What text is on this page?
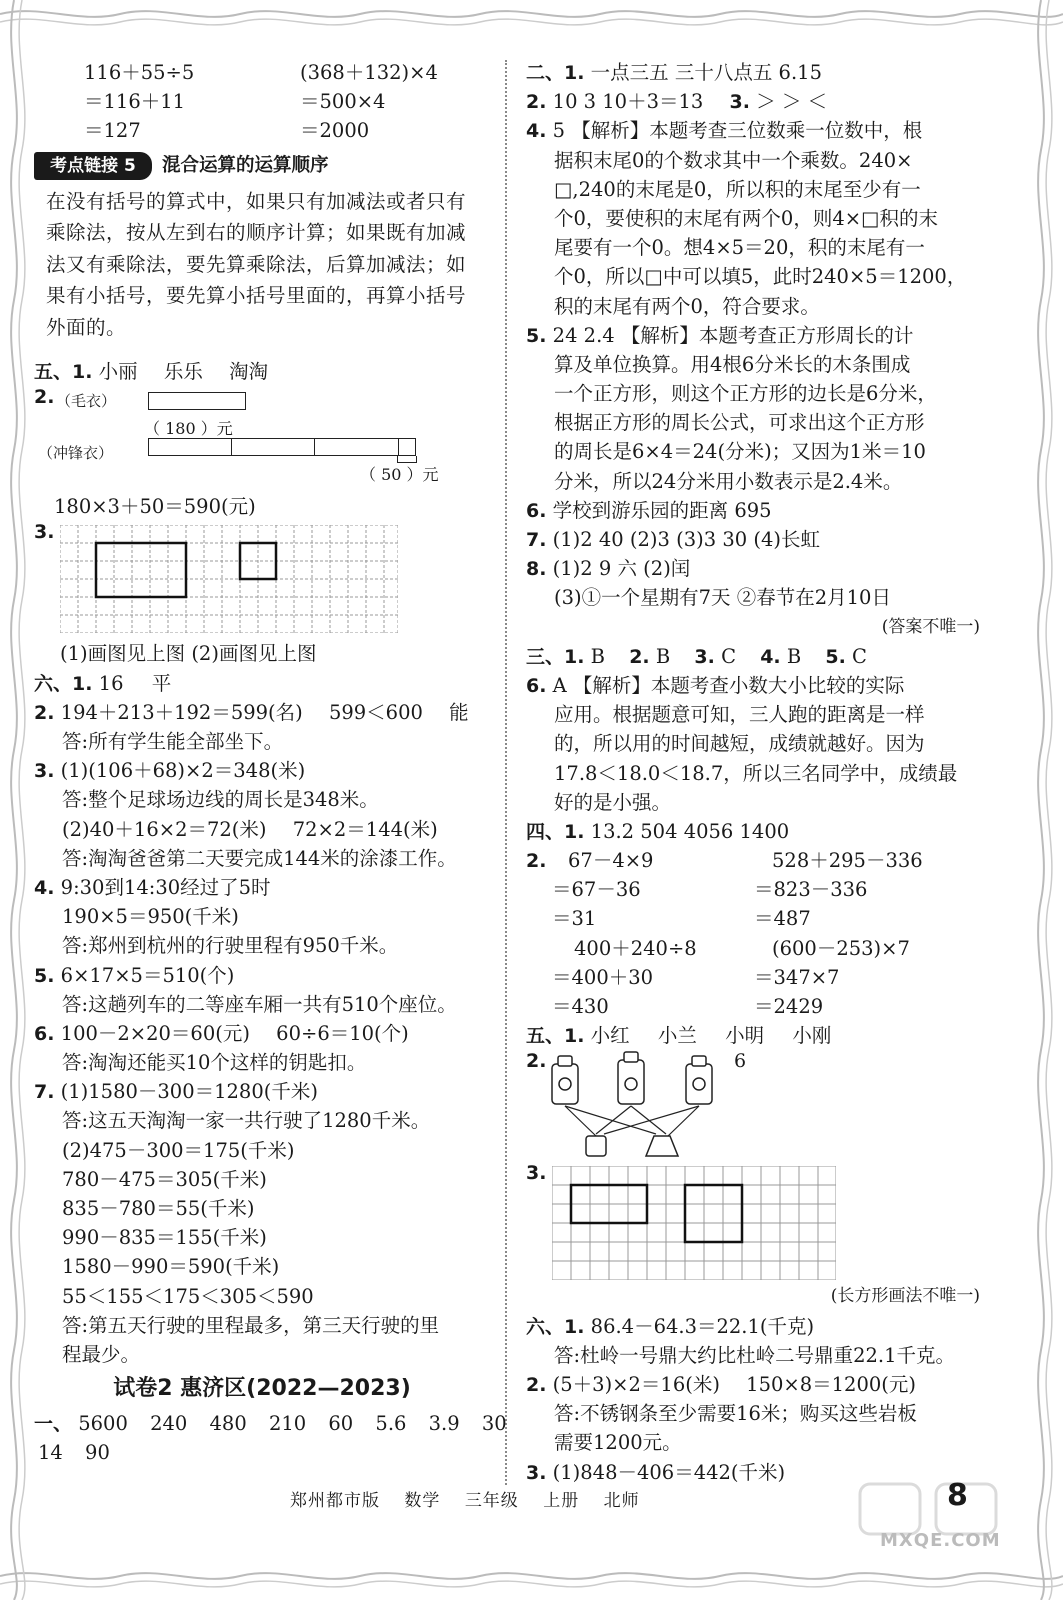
116＋55÷5	(368＋132)×4
＝116＋11	＝500×4
＝127	＝2000
考点链接 5	混合运算的运算顺序
在没有括号的算式中，如果只有加减法或者只有乘除法，按从左到右的顺序计算；如果既有加减法又有乘除法，要先算乘除法，后算加减法；如果有小括号，要先算小括号里面的，再算小括号外面的。
五、1. 小丽 乐乐 淘淘
2. （毛衣）
（ 180 ）元
（冲锋衣）
（ 50 ）元
180×3＋50＝590(元)
3.
(1)画图见上图 (2)画图见上图
六、1. 16 平
2. 194＋213＋192＝599(名) 599＜600 能
答:所有学生能全部坐下。
3. (1)(106＋68)×2＝348(米)
答:整个足球场边线的周长是348米。
(2)40＋16×2＝72(米) 72×2＝144(米)
答:淘淘爸爸第二天要完成144米的涂漆工作。
4. 9:30到14:30经过了5时
190×5＝950(千米)
答:郑州到杭州的行驶里程有950千米。
5. 6×17×5＝510(个)
答:这趟列车的二等座车厢一共有510个座位。
6. 100－2×20＝60(元) 60÷6＝10(个)
答:淘淘还能买10个这样的钥匙扣。
7. (1)1580－300＝1280(千米)
答:这五天淘淘一家一共行驶了1280千米。
(2)475－300＝175(千米)
780－475＝305(千米)
835－780＝55(千米)
990－835＝155(千米)
1580－990＝590(千米)
55＜155＜175＜305＜590
答:第五天行驶的里程最多，第三天行驶的里
程最少。
试卷2 惠济区(2022—2023)
一、 5600 240 480 210 60 5.6 3.9 30
14 90
二、1. 一点三五 三十八点五 6.15
2. 10 3 10＋3＝13 3. ＞ ＞ ＜
4. 5 【解析】本题考查三位数乘一位数中，根
据积末尾0的个数求其中一个乘数。240×
□,240的末尾是0，所以积的末尾至少有一
个0，要使积的末尾有两个0，则4×□积的末
尾要有一个0。想4×5＝20，积的末尾有一
个0，所以□中可以填5，此时240×5＝1200，
积的末尾有两个0，符合要求。
5. 24 2.4 【解析】本题考查正方形周长的计
算及单位换算。用4根6分米长的木条围成
一个正方形，则这个正方形的边长是6分米，
根据正方形的周长公式，可求出这个正方形
的周长是6×4＝24(分米)；又因为1米＝10
分米，所以24分米用小数表示是2.4米。
6. 学校到游乐园的距离 695
7. (1)2 40 (2)3 (3)3 30 (4)长虹
8. (1)2 9 六 (2)闰
(3)①一个星期有7天 ②春节在2月10日
(答案不唯一)
三、1. B 2. B 3. C 4. B 5. C
6. A 【解析】本题考查小数大小比较的实际
应用。根据题意可知，三人跑的距离是一样
的，所以用的时间越短，成绩就越好。因为
17.8＜18.0＜18.7，所以三名同学中，成绩最
好的是小强。
四、1. 13.2 504 4056 1400
2. 67－4×9	528＋295－336
＝67－36	＝823－336
＝31	＝487
400＋240÷8	(600－253)×7
＝400＋30	＝347×7
＝430	＝2429
五、1. 小红 小兰 小明 小刚
2.	6
3.
(长方形画法不唯一)
六、1. 86.4－64.3＝22.1(千克)
答:杜岭一号鼎大约比杜岭二号鼎重22.1千克。
2. (5＋3)×2＝16(米) 150×8＝1200(元)
答:不锈钢条至少需要16米；购买这些岩板
需要1200元。
3. (1)848－406＝442(千米)
郑州都市版 数学 三年级 上册 北师	8
MXQE.COM
